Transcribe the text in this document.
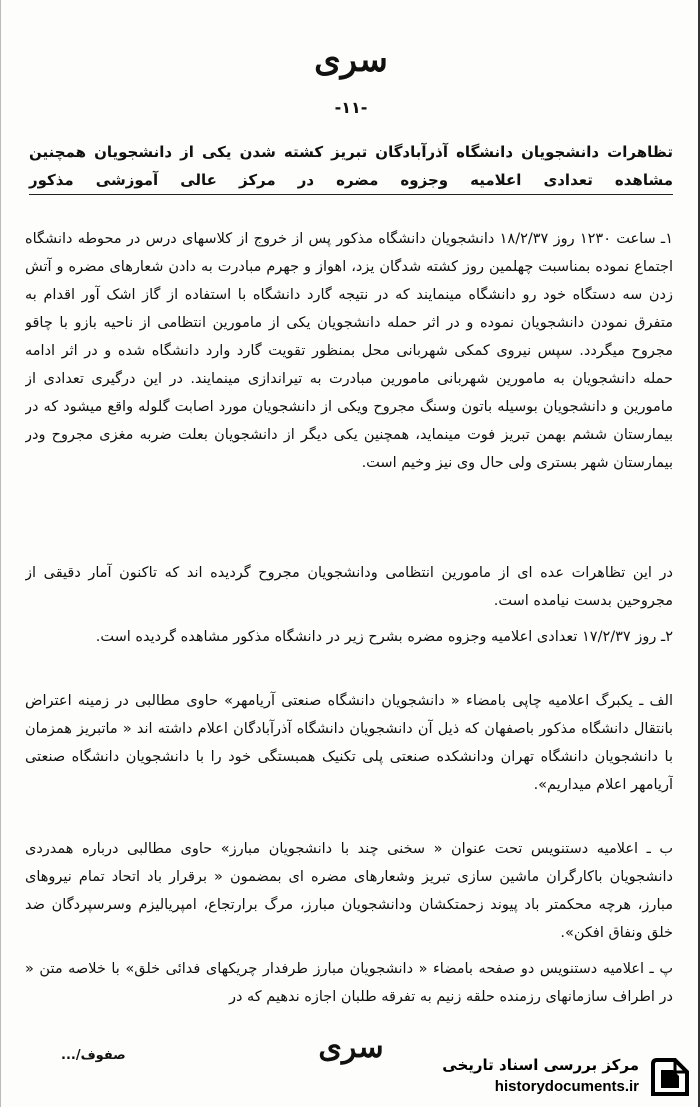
سری
-۱۱-
تظاهرات دانشجویان دانشگاه آذرآبادگان تبریز کشته شدن یکی از دانشجویان همچنین
مشاهده تعدادی اعلامیه وجزوه مضره در مرکز عالی آموزشی مذکور

۱ـ ساعت ۱۲۳۰ روز ۱۸/۲/۳۷ دانشجویان دانشگاه مذکور پس از خروج از کلاسهای درس در محوطه دانشگاه اجتماع نموده بمناسبت چهلمین روز کشته شدگان یزد، اهواز و جهرم مبادرت به دادن شعارهای مضره و آتش زدن سه دستگاه خود رو دانشگاه مینمایند که در نتیجه گارد دانشگاه با استفاده از گاز اشک آور اقدام به متفرق نمودن دانشجویان نموده و در اثر حمله دانشجویان یکی از مامورین انتظامی از ناحیه بازو با چاقو مجروح میگردد. سپس نیروی کمکی شهربانی محل بمنظور تقویت گارد وارد دانشگاه شده و در اثر ادامه حمله دانشجویان به مامورین شهربانی مامورین مبادرت به تیراندازی مینمایند. در این درگیری تعدادی از مامورین و دانشجویان بوسیله باتون وسنگ مجروح ویکی از دانشجویان مورد اصابت گلوله واقع میشود که در بیمارستان ششم بهمن تبریز فوت مینماید، همچنین یکی دیگر از دانشجویان بعلت ضربه مغزی مجروح ودر بیمارستان شهر بستری ولی حال وی نیز وخیم است.

در این تظاهرات عده ای از مامورین انتظامی ودانشجویان مجروح گردیده اند که تاکنون آمار دقیقی از مجروحین بدست نیامده است.

۲ـ روز ۱۷/۲/۳۷ تعدادی اعلامیه وجزوه مضره بشرح زیر در دانشگاه مذکور مشاهده گردیده است.

الف ـ یکبرگ اعلامیه چاپی بامضاء « دانشجویان دانشگاه صنعتی آریامهر» حاوی مطالبی در زمینه اعتراض بانتقال دانشگاه مذکور باصفهان که ذیل آن دانشجویان دانشگاه آذرآبادگان اعلام داشته اند « ماتبریز همزمان با دانشجویان دانشگاه تهران ودانشکده صنعتی پلی تکنیک همبستگی خود را با دانشجویان دانشگاه صنعتی آریامهر اعلام میداریم».

ب ـ اعلامیه دستنویس تحت عنوان « سخنی چند با دانشجویان مبارز» حاوی مطالبی درباره همدردی دانشجویان باکارگران ماشین سازی تبریز وشعارهای مضره ای بمضمون « برقرار باد اتحاد تمام نیروهای مبارز، هرچه محکمتر باد پیوند زحمتکشان ودانشجویان مبارز، مرگ برارتجاع، امپریالیزم وسرسپردگان ضد خلق ونفاق افکن».

پ ـ اعلامیه دستنویس دو صفحه بامضاء « دانشجویان مبارز طرفدار چریکهای فدائی خلق» با خلاصه متن « در اطراف سازمانهای رزمنده حلقه زنیم به تفرقه طلبان اجازه ندهیم که در

سری
صفوف/...
مرکز بررسی اسناد تاریخی
historydocuments.ir
